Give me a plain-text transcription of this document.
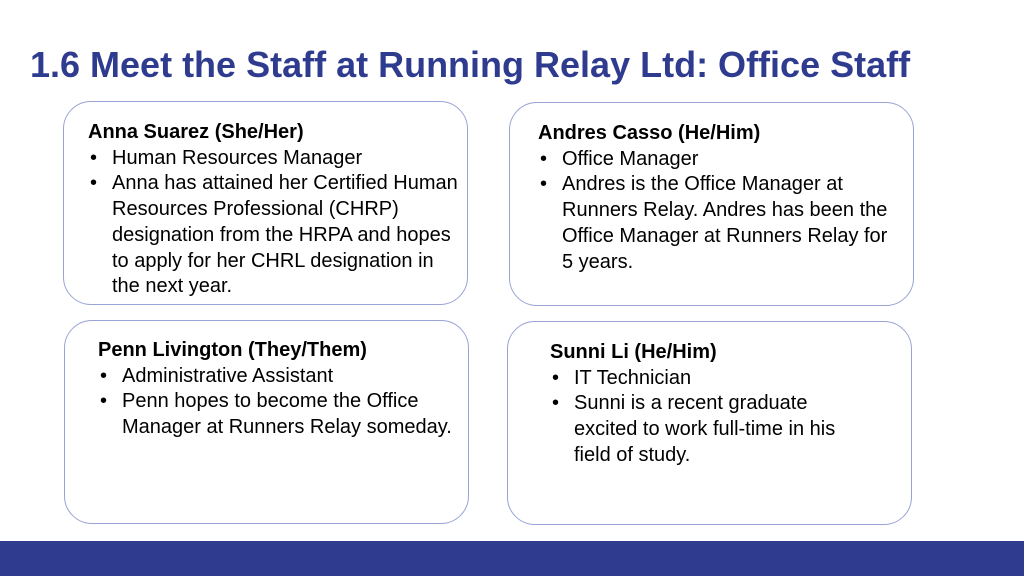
1.6 Meet the Staff at Running Relay Ltd: Office Staff
Anna Suarez (She/Her)
• Human Resources Manager
• Anna has attained her Certified Human Resources Professional (CHRP) designation from the HRPA and hopes to apply for her CHRL designation in the next year.
Andres Casso (He/Him)
• Office Manager
• Andres is the Office Manager at Runners Relay. Andres has been the Office Manager at Runners Relay for 5 years.
Penn Livington (They/Them)
• Administrative Assistant
• Penn hopes to become the Office Manager at Runners Relay someday.
Sunni Li (He/Him)
• IT Technician
• Sunni is a recent graduate excited to work full-time in his field of study.
